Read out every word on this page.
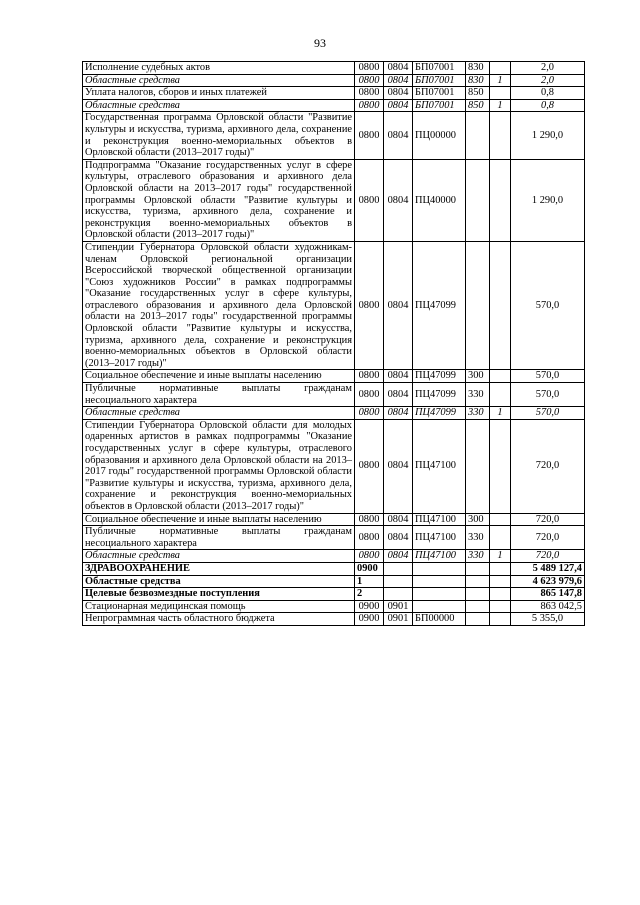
93
Исполнение судебных актов	0800	0804	БП07001	830		2,0
Областные средства	0800	0804	БП07001	830	1	2,0
Уплата налогов, сборов и иных платежей	0800	0804	БП07001	850		0,8
Областные средства	0800	0804	БП07001	850	1	0,8
Государственная программа Орловской области "Развитие культуры и искусства, туризма, архивного дела, сохранение и реконструкция военно-мемориальных объектов в Орловской области (2013–2017 годы)"	0800	0804	ПЦ00000			1 290,0
Подпрограмма "Оказание государственных услуг в сфере культуры, отраслевого образования и архивного дела Орловской области на 2013–2017 годы" государственной программы Орловской области "Развитие культуры и искусства, туризма, архивного дела, сохранение и реконструкция военно-мемориальных объектов в Орловской области (2013–2017 годы)"	0800	0804	ПЦ40000			1 290,0
Стипендии Губернатора Орловской области художникам-членам Орловской региональной организации Всероссийской творческой общественной организации "Союз художников России" в рамках подпрограммы "Оказание государственных услуг в сфере культуры, отраслевого образования и архивного дела Орловской области на 2013–2017 годы" государственной программы Орловской области "Развитие культуры и искусства, туризма, архивного дела, сохранение и реконструкция военно-мемориальных объектов в Орловской области (2013–2017 годы)"	0800	0804	ПЦ47099			570,0
Социальное обеспечение и иные выплаты населению	0800	0804	ПЦ47099	300		570,0
Публичные нормативные выплаты гражданам несоциального характера	0800	0804	ПЦ47099	330		570,0
Областные средства	0800	0804	ПЦ47099	330	1	570,0
Стипендии Губернатора Орловской области для молодых одаренных артистов в рамках подпрограммы "Оказание государственных услуг в сфере культуры, отраслевого образования и архивного дела Орловской области на 2013–2017 годы" государственной программы Орловской области "Развитие культуры и искусства, туризма, архивного дела, сохранение и реконструкция военно-мемориальных объектов в Орловской области (2013–2017 годы)"	0800	0804	ПЦ47100			720,0
Социальное обеспечение и иные выплаты населению	0800	0804	ПЦ47100	300		720,0
Публичные нормативные выплаты гражданам несоциального характера	0800	0804	ПЦ47100	330		720,0
Областные средства	0800	0804	ПЦ47100	330	1	720,0
ЗДРАВООХРАНЕНИЕ	0900					5 489 127,4
Областные средства	1					4 623 979,6
Целевые безвозмездные поступления	2					865 147,8
Стационарная медицинская помощь	0900	0901				863 042,5
Непрограммная часть областного бюджета	0900	0901	БП00000			5 355,0
